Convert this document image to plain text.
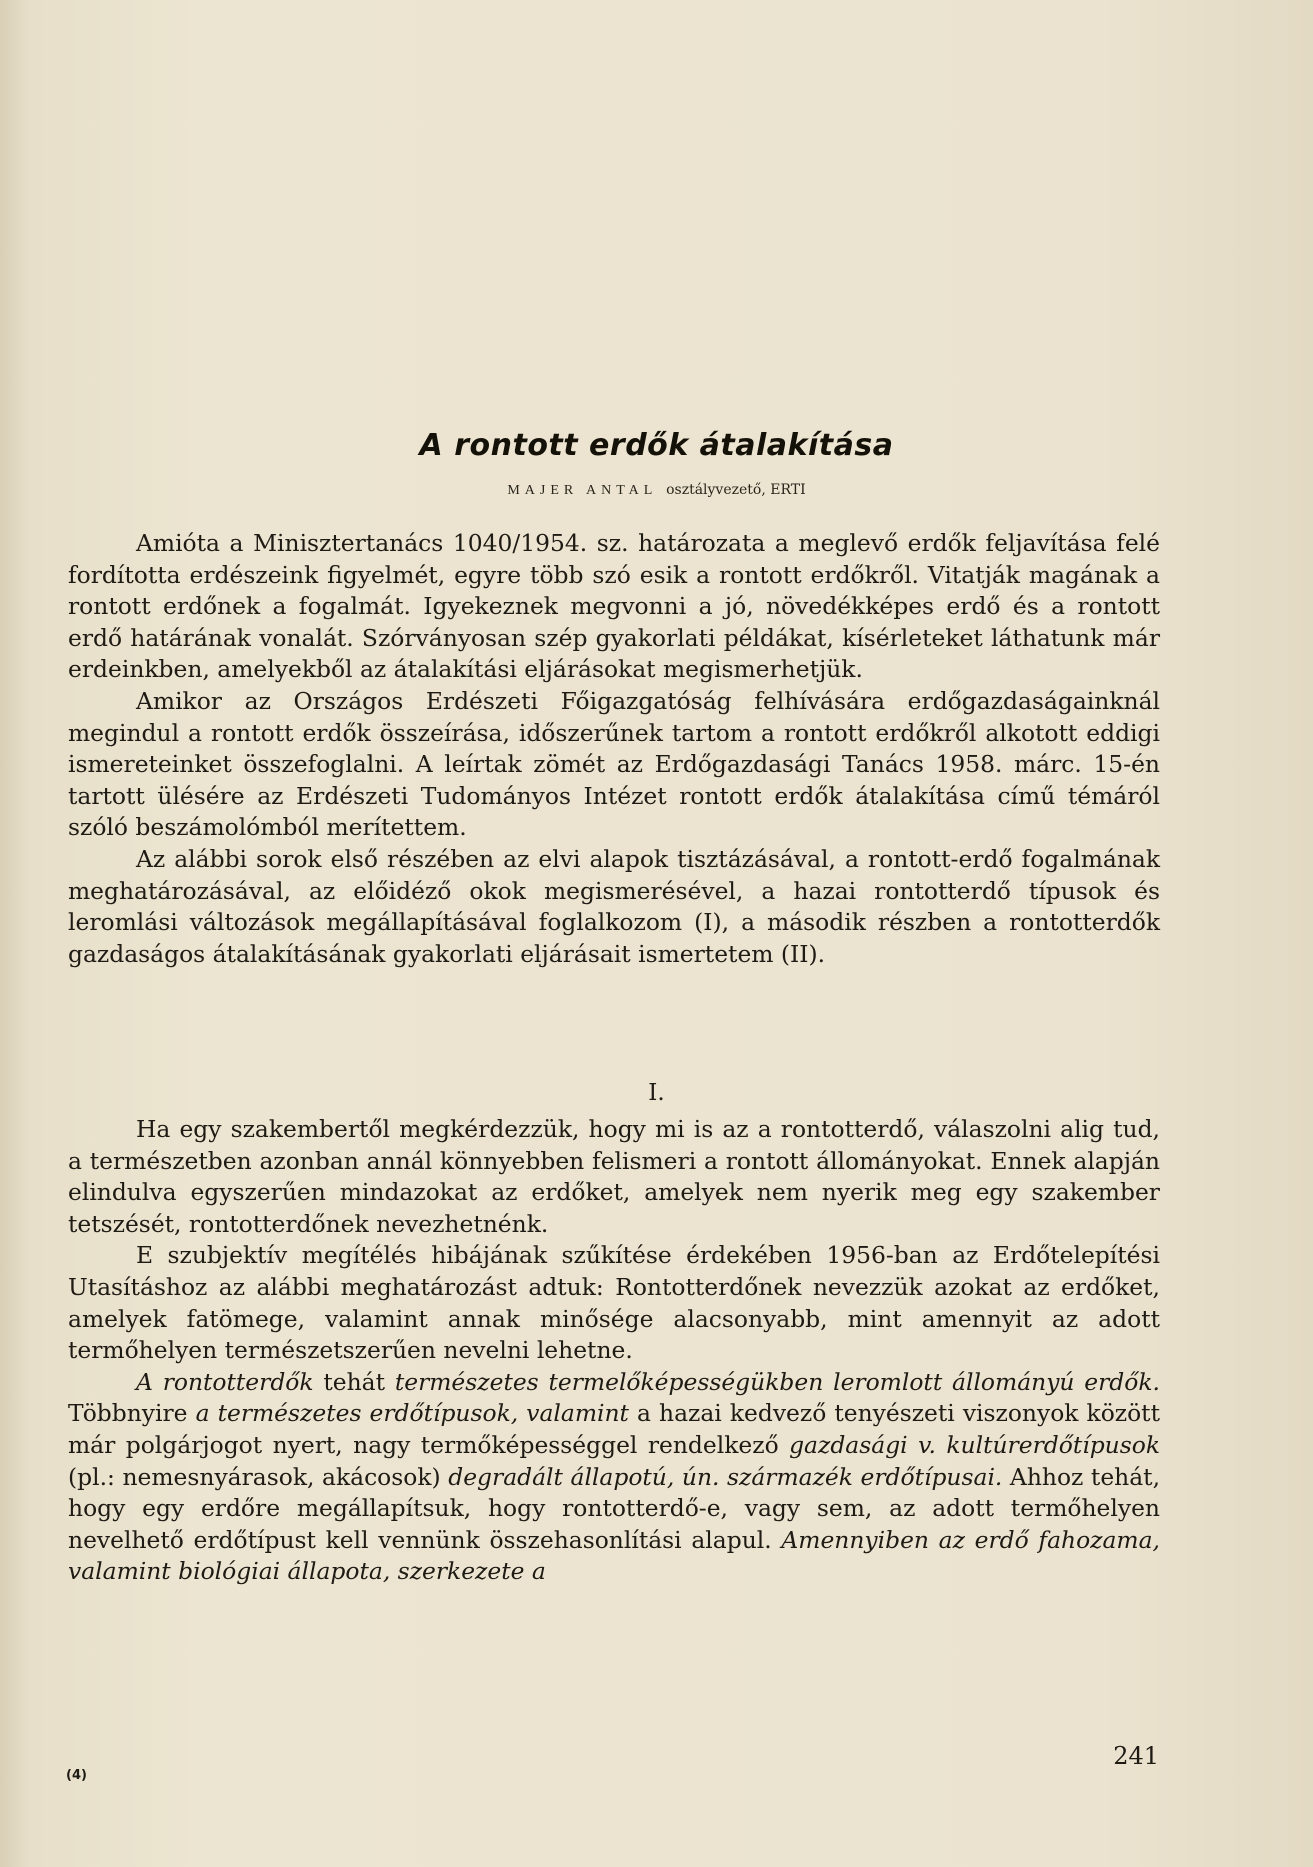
A rontott erdők átalakítása
MAJER ANTAL osztályvezető, ERTI

Amióta a Minisztertanács 1040/1954. sz. határozata a meglevő erdők feljavítása felé fordította erdészeink figyelmét, egyre több szó esik a rontott erdőkről. Vitatják magának a rontott erdőnek a fogalmát. Igyekeznek megvonni a jó, növedékképes erdő és a rontott erdő határának vonalát. Szórványosan szép gyakorlati példákat, kísérleteket láthatunk már erdeinkben, amelyekből az átalakítási eljárásokat megismerhetjük.

Amikor az Országos Erdészeti Főigazgatóság felhívására erdőgazdaságainknál megindul a rontott erdők összeírása, időszerűnek tartom a rontott erdőkről alkotott eddigi ismereteinket összefoglalni. A leírtak zömét az Erdőgazdasági Tanács 1958. márc. 15-én tartott ülésére az Erdészeti Tudományos Intézet rontott erdők átalakítása című témáról szóló beszámolómból merítettem.

Az alábbi sorok első részében az elvi alapok tisztázásával, a rontott-erdő fogalmának meghatározásával, az előidéző okok megismerésével, a hazai rontotterdő típusok és leromlási változások megállapításával foglalkozom (I), a második részben a rontotterdők gazdaságos átalakításának gyakorlati eljárásait ismertetem (II).

I.

Ha egy szakembertől megkérdezzük, hogy mi is az a rontotterdő, válaszolni alig tud, a természetben azonban annál könnyebben felismeri a rontott állományokat. Ennek alapján elindulva egyszerűen mindazokat az erdőket, amelyek nem nyerik meg egy szakember tetszését, rontotterdőnek nevezhetnénk.

E szubjektív megítélés hibájának szűkítése érdekében 1956-ban az Erdőtelepítési Utasításhoz az alábbi meghatározást adtuk: Rontotterdőnek nevezzük azokat az erdőket, amelyek fatömege, valamint annak minősége alacsonyabb, mint amennyit az adott termőhelyen természetszerűen nevelni lehetne.

A rontotterdők tehát természetes termelőképességükben leromlott állományú erdők. Többnyire a természetes erdőtípusok, valamint a hazai kedvező tenyészeti viszonyok között már polgárjogot nyert, nagy termőképességgel rendelkező gazdasági v. kultúrerdőtípusok (pl.: nemesnyárasok, akácosok) degradált állapotú, ún. származék erdőtípusai. Ahhoz tehát, hogy egy erdőre megállapítsuk, hogy rontotterdő-e, vagy sem, az adott termőhelyen nevelhető erdőtípust kell vennünk összehasonlítási alapul. Amennyiben az erdő fahozama, valamint biológiai állapota, szerkezete a

241
(4)
